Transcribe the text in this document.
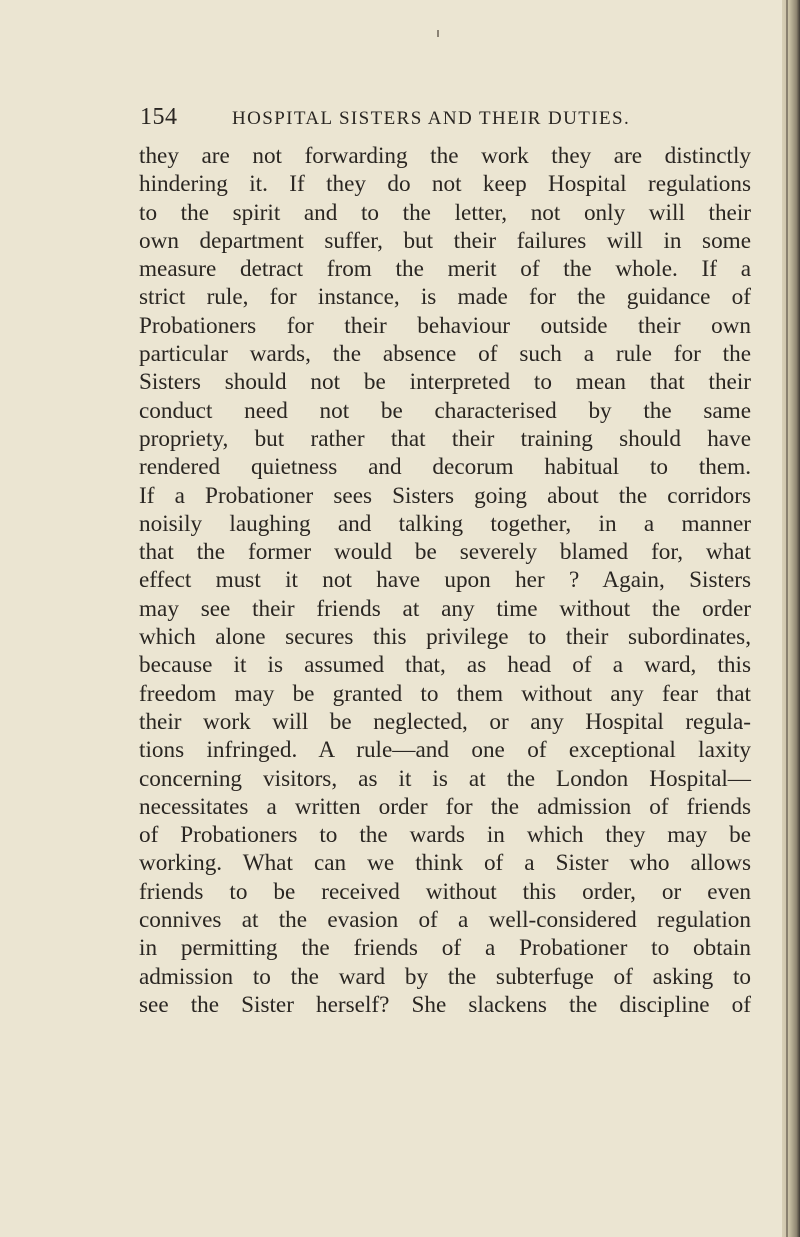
154	HOSPITAL SISTERS AND THEIR DUTIES.
they are not forwarding the work they are distinctly
hindering it. If they do not keep Hospital regulations
to the spirit and to the letter, not only will their
own department suffer, but their failures will in some
measure detract from the merit of the whole. If a
strict rule, for instance, is made for the guidance of
Probationers for their behaviour outside their own
particular wards, the absence of such a rule for the
Sisters should not be interpreted to mean that their
conduct need not be characterised by the same
propriety, but rather that their training should have
rendered quietness and decorum habitual to them.
If a Probationer sees Sisters going about the corridors
noisily laughing and talking together, in a manner
that the former would be severely blamed for, what
effect must it not have upon her ? Again, Sisters
may see their friends at any time without the order
which alone secures this privilege to their subordinates,
because it is assumed that, as head of a ward, this
freedom may be granted to them without any fear that
their work will be neglected, or any Hospital regula-
tions infringed. A rule—and one of exceptional laxity
concerning visitors, as it is at the London Hospital—
necessitates a written order for the admission of friends
of Probationers to the wards in which they may be
working. What can we think of a Sister who allows
friends to be received without this order, or even
connives at the evasion of a well-considered regulation
in permitting the friends of a Probationer to obtain
admission to the ward by the subterfuge of asking to
see the Sister herself? She slackens the discipline of
